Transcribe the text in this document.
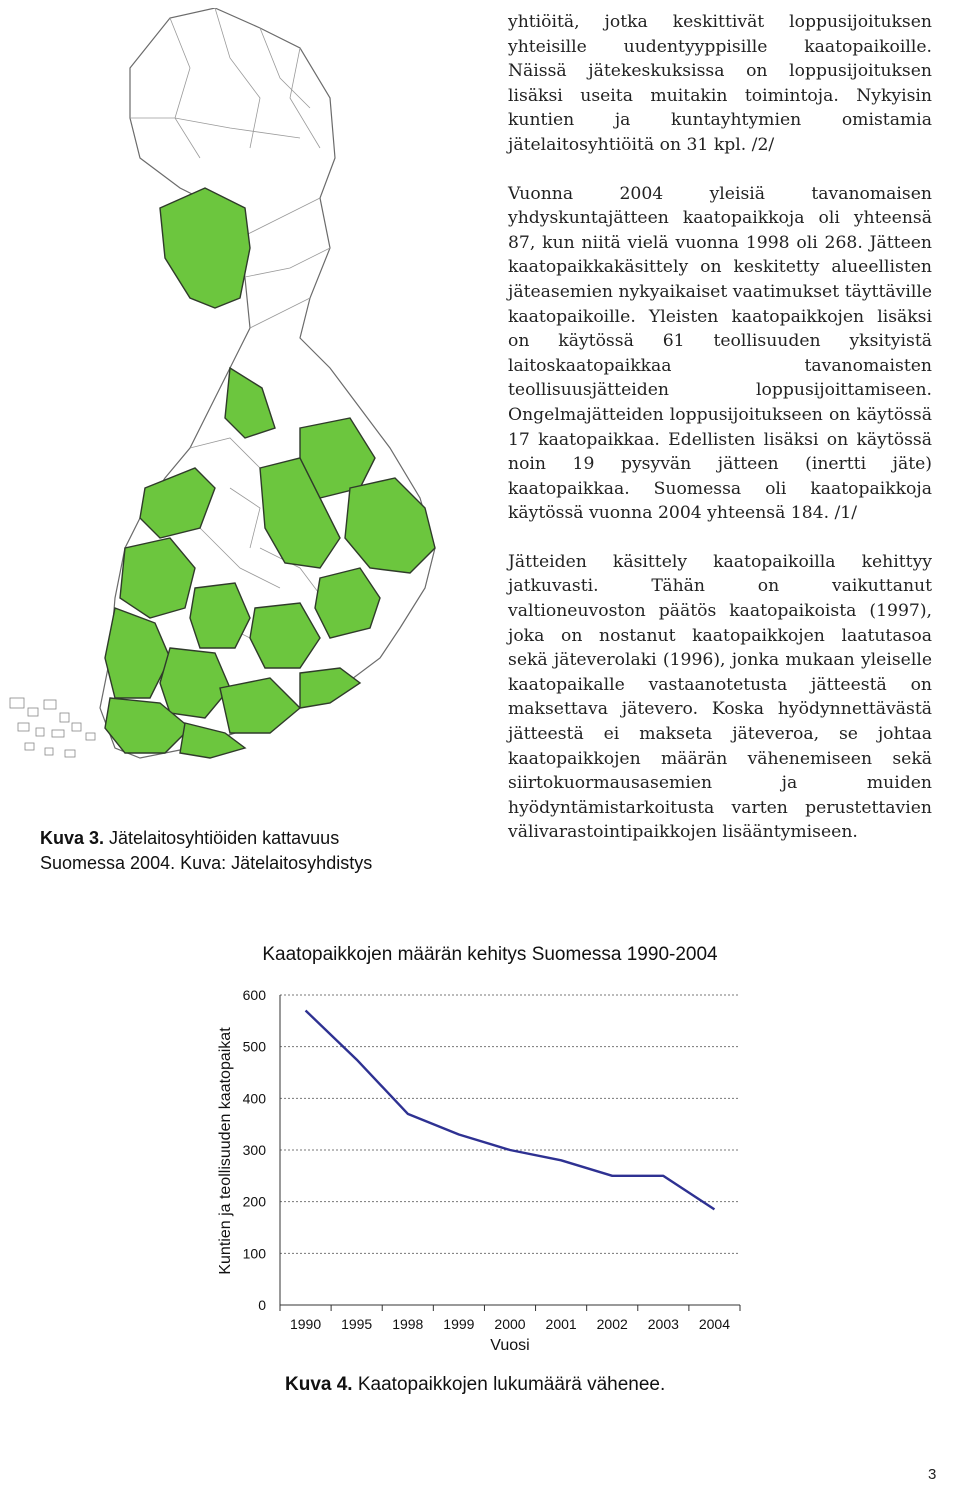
Kuva 3. Jätelaitosyhtiöiden kattavuus
Suomessa 2004. Kuva: Jätelaitosyhdistys

yhtiöitä, jotka keskittivät loppusijoituksen yhteisille uudentyyppisille kaatopaikoille. Näissä jätekeskuksissa on loppusijoituksen lisäksi useita muitakin toimintoja. Nykyisin kuntien ja kuntayhtymien omistamia jätelaitosyhtiöitä on 31 kpl. /2/

Vuonna 2004 yleisiä tavanomaisen yhdyskuntajätteen kaatopaikkoja oli yhteensä 87, kun niitä vielä vuonna 1998 oli 268. Jätteen kaatopaikkakäsittely on keskitetty alueellisten jäteasemien nykyaikaiset vaatimukset täyttäville kaatopaikoille. Yleisten kaatopaikkojen lisäksi on käytössä 61 teollisuuden yksityistä laitoskaatopaikkaa tavanomaisten teollisuusjätteiden loppusijoittamiseen. Ongelmajätteiden loppusijoitukseen on käytössä 17 kaatopaikkaa. Edellisten lisäksi on käytössä noin 19 pysyvän jätteen (inertti jäte) kaatopaikkaa. Suomessa oli kaatopaikkoja käytössä vuonna 2004 yhteensä 184. /1/

Jätteiden käsittely kaatopaikoilla kehittyy jatkuvasti. Tähän on vaikuttanut valtioneuvoston päätös kaatopaikoista (1997), joka on nostanut kaatopaikkojen laatutasoa sekä jäteverolaki (1996), jonka mukaan yleiselle kaatopaikalle vastaanotetusta jätteestä on maksettava jätevero. Koska hyödynnettävästä jätteestä ei makseta jäteveroa, se johtaa kaatopaikkojen määrän vähenemiseen sekä siirtokuormausasemien ja muiden hyödyntämistarkoitusta varten perustettavien välivarastointipaikkojen lisääntymiseen.

Kaatopaikkojen määrän kehitys Suomessa 1990-2004
Kuntien ja teollisuuden kaatopaikat
Vuosi
0
100
200
300
400
500
600
1990 1995 1998 1999 2000 2001 2002 2003 2004
Kuva 4. Kaatopaikkojen lukumäärä vähenee.
3
